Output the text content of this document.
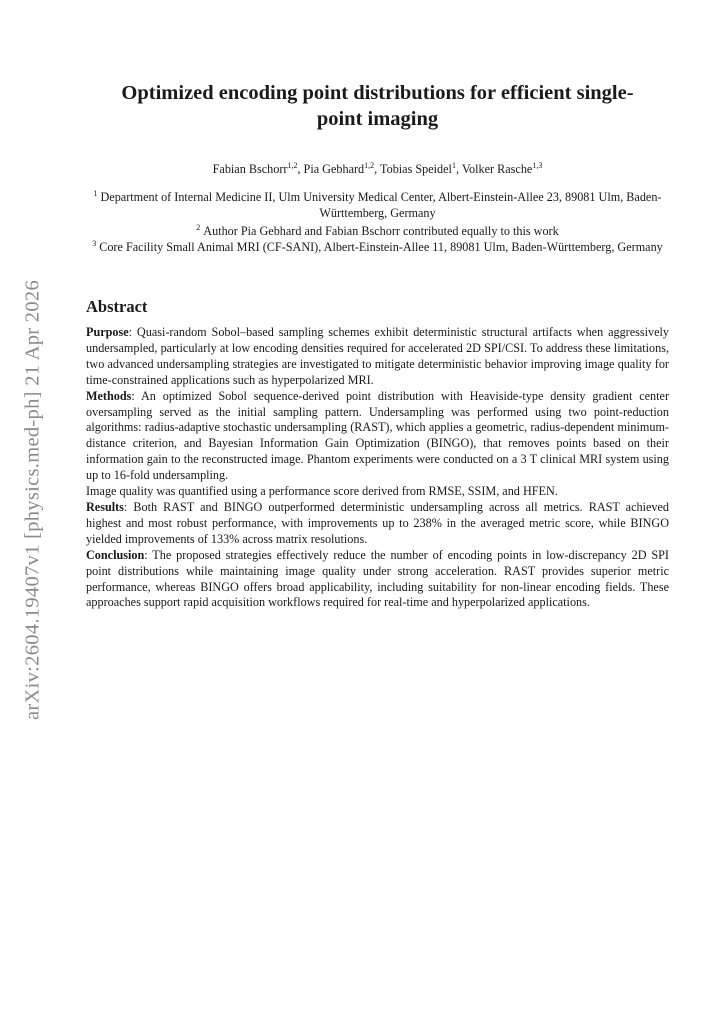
arXiv:2604.19407v1 [physics.med-ph] 21 Apr 2026
Optimized encoding point distributions for efficient single-point imaging
Fabian Bschorr$^{1,2}$, Pia Gebhard$^{1,2}$, Tobias Speidel$^1$, Volker Rasche$^{1,3}$
$^1$ Department of Internal Medicine II, Ulm University Medical Center, Albert-Einstein-Allee 23, 89081 Ulm, Baden-Württemberg, Germany
$^2$ Author Pia Gebhard and Fabian Bschorr contributed equally to this work
$^3$ Core Facility Small Animal MRI (CF-SANI), Albert-Einstein-Allee 11, 89081 Ulm, Baden-Württemberg, Germany
Abstract

Purpose: Quasi-random Sobol–based sampling schemes exhibit deterministic structural artifacts when aggressively undersampled, particularly at low encoding densities required for accelerated 2D SPI/CSI. To address these limitations, two advanced undersampling strategies are investigated to mitigate deterministic behavior improving image quality for time-constrained applications such as hyperpolarized MRI.

Methods: An optimized Sobol sequence-derived point distribution with Heaviside-type density gradient center oversampling served as the initial sampling pattern. Undersampling was performed using two point-reduction algorithms: radius-adaptive stochastic undersampling (RAST), which applies a geometric, radius-dependent minimum-distance criterion, and Bayesian Information Gain Optimization (BINGO), that removes points based on their information gain to the reconstructed image. Phantom experiments were conducted on a 3 T clinical MRI system using up to 16-fold undersampling.

Image quality was quantified using a performance score derived from RMSE, SSIM, and HFEN.

Results: Both RAST and BINGO outperformed deterministic undersampling across all metrics. RAST achieved highest and most robust performance, with improvements up to 238% in the averaged metric score, while BINGO yielded improvements of 133% across matrix resolutions.

Conclusion: The proposed strategies effectively reduce the number of encoding points in low-discrepancy 2D SPI point distributions while maintaining image quality under strong acceleration. RAST provides superior metric performance, whereas BINGO offers broad applicability, including suitability for non-linear encoding fields. These approaches support rapid acquisition workflows required for real-time and hyperpolarized applications.
